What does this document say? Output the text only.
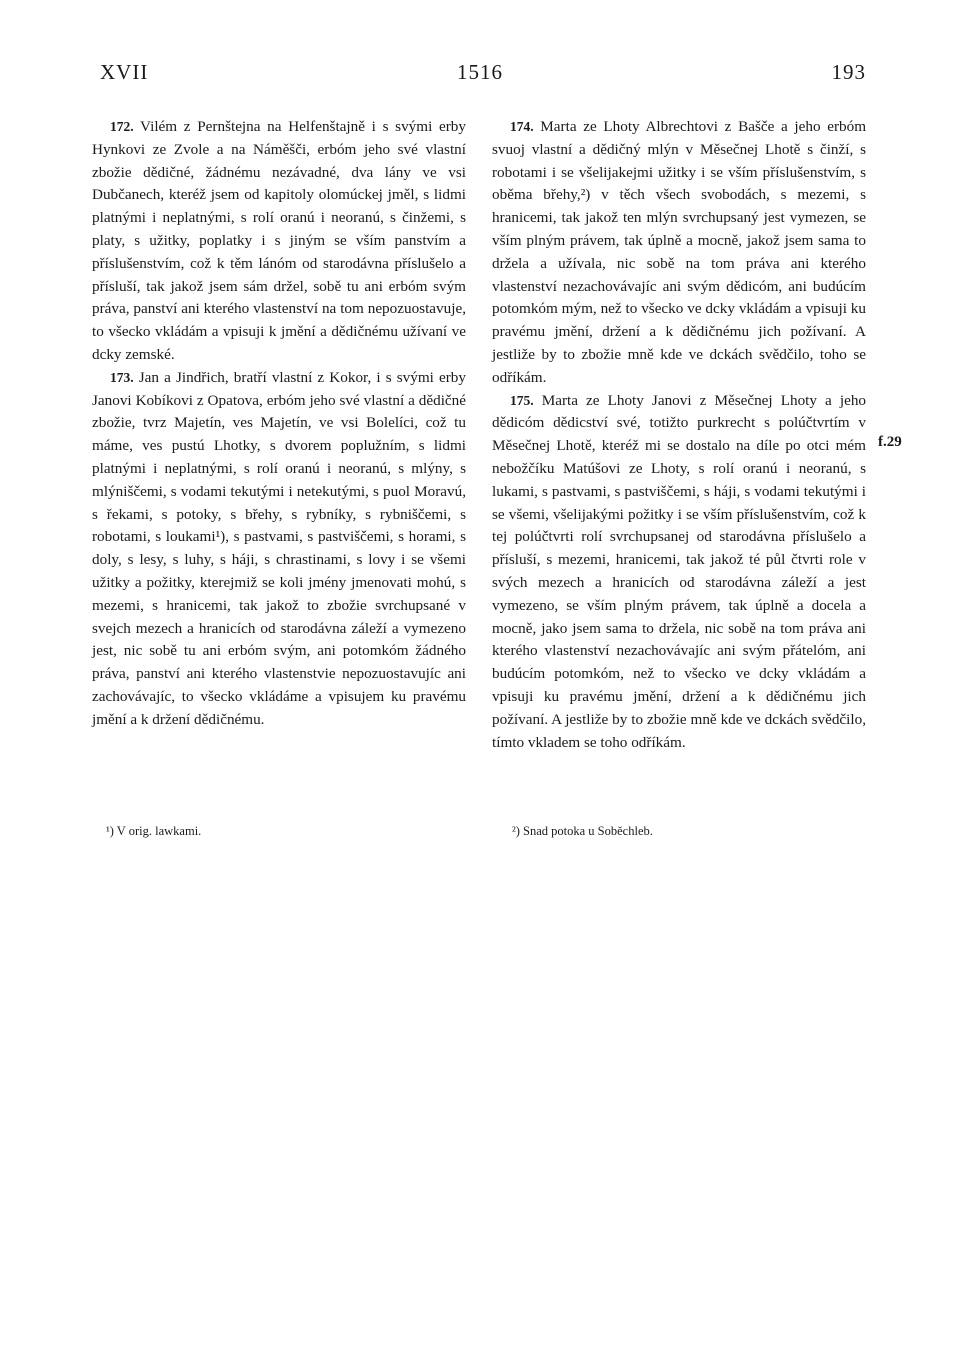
XVII	1516	193

172. Vilém z Pernštejna na Helfenštajně i s svými erby Hynkovi ze Zvole a na Náměšči, erbóm jeho své vlastní zbožie dědičné, žádnému nezávadné, dva lány ve vsi Dubčanech, kteréž jsem od kapitoly olomúckej jměl, s lidmi platnými i neplatnými, s rolí oranú i neoranú, s činžemi, s platy, s užitky, poplatky i s jiným se vším panstvím a příslušenstvím, což k těm lánóm od starodávna příslušelo a přísluší, tak jakož jsem sám držel, sobě tu ani erbóm svým práva, panství ani kterého vlastenství na tom nepozuostavuje, to všecko vkládám a vpisuji k jmění a dědičnému užívaní ve dcky zemské.

173. Jan a Jindřich, bratří vlastní z Kokor, i s svými erby Janovi Kobíkovi z Opatova, erbóm jeho své vlastní a dědičné zbožie, tvrz Majetín, ves Majetín, ve vsi Bolelíci, což tu máme, ves pustú Lhotky, s dvorem poplužním, s lidmi platnými i neplatnými, s rolí oranú i neoranú, s mlýny, s mlýniščemi, s vodami tekutými i netekutými, s puol Moravú, s řekami, s potoky, s břehy, s rybníky, s rybniščemi, s robotami, s loukami¹), s pastvami, s pastviščemi, s horami, s doly, s lesy, s luhy, s háji, s chrastinami, s lovy i se všemi užitky a požitky, kterejmiž se koli jmény jmenovati mohú, s mezemi, s hranicemi, tak jakož to zbožie svrchupsané v svejch mezech a hranicích od starodávna záleží a vymezeno jest, nic sobě tu ani erbóm svým, ani potomkóm žádného práva, panství ani kterého vlastenstvie nepozuostavujíc ani zachovávajíc, to všecko vkládáme a vpisujem ku pravému jmění a k držení dědičnému.

174. Marta ze Lhoty Albrechtovi z Bašče a jeho erbóm svuoj vlastní a dědičný mlýn v Měsečnej Lhotě s činží, s robotami i se všelijakejmi užitky i se vším příslušenstvím, s oběma břehy,²) v těch všech svobodách, s mezemi, s hranicemi, tak jakož ten mlýn svrchupsaný jest vymezen, se vším plným právem, tak úplně a mocně, jakož jsem sama to držela a užívala, nic sobě na tom práva ani kterého vlastenství nezachovávajíc ani svým dědicóm, ani budúcím potomkóm mým, než to všecko ve dcky vkládám a vpisuji ku pravému jmění, držení a k dědičnému jich požívaní. A jestliže by to zbožie mně kde ve dckách svědčilo, toho se odříkám.

175. Marta ze Lhoty Janovi z Měsečnej Lhoty a jeho dědicóm dědicství své, totižto purkrecht s polúčtvrtím v Měsečnej Lhotě, kteréž mi se dostalo na díle po otci mém nebožčíku Matúšovi ze Lhoty, s rolí oranú i neoranú, s lukami, s pastvami, s pastviščemi, s háji, s vodami tekutými i se všemi, všelijakými požitky i se vším příslušenstvím, což k tej polúčtvrti rolí svrchupsanej od starodávna příslušelo a přísluší, s mezemi, hranicemi, tak jakož té půl čtvrti role v svých mezech a hranicích od starodávna záleží a jest vymezeno, se vším plným právem, tak úplně a docela a mocně, jako jsem sama to držela, nic sobě na tom práva ani kterého vlastenství nezachovávajíc ani svým přátelóm, ani budúcím potomkóm, než to všecko ve dcky vkládám a vpisuji ku pravému jmění, držení a k dědičnému jich požívaní. A jestliže by to zbožie mně kde ve dckách svědčilo, tímto vkladem se toho odříkám.

f.29
¹) V orig. lawkami.	²) Snad potoka u Soběchleb.
